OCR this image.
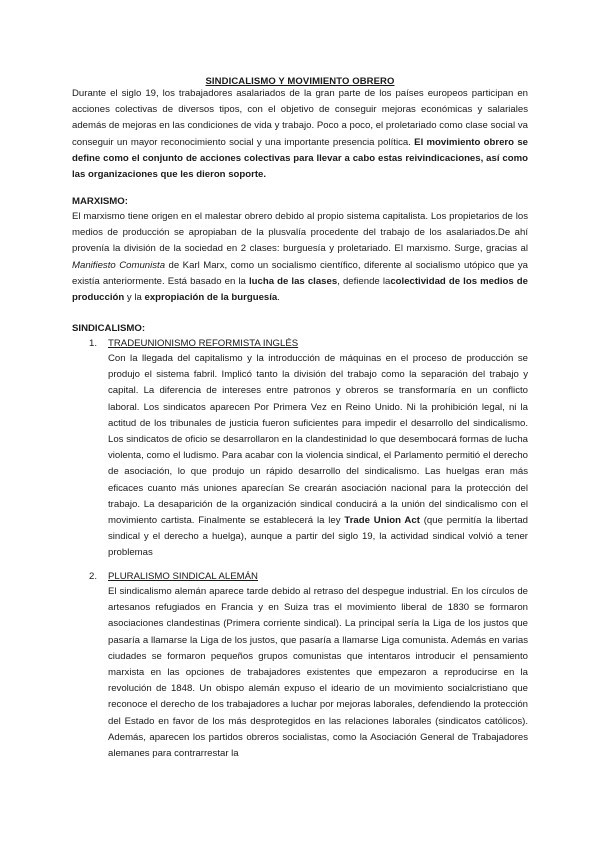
SINDICALISMO Y MOVIMIENTO OBRERO

Durante el siglo 19, los trabajadores asalariados de la gran parte de los países europeos participan en acciones colectivas de diversos tipos, con el objetivo de conseguir mejoras económicas y salariales además de mejoras en las condiciones de vida y trabajo. Poco a poco, el proletariado como clase social va conseguir un mayor reconocimiento social y una importante presencia política. El movimiento obrero se define como el conjunto de acciones colectivas para llevar a cabo estas reivindicaciones, así como las organizaciones que les dieron soporte.

MARXISMO:

El marxismo tiene origen en el malestar obrero debido al propio sistema capitalista. Los propietarios de los medios de producción se apropiaban de la plusvalía procedente del trabajo de los asalariados.De ahí provenía la división de la sociedad en 2 clases: burguesía y proletariado. El marxismo. Surge, gracias al Manifiesto Comunista de Karl Marx, como un socialismo científico, diferente al socialismo utópico que ya existía anteriormente. Está basado en la lucha de las clases, defiende lacolectividad de los medios de producción y la expropiación de la burguesía.

SINDICALISMO:
1. TRADEUNIONISMO REFORMISTA INGLÉS

Con la llegada del capitalismo y la introducción de máquinas en el proceso de producción se produjo el sistema fabril. Implicó tanto la división del trabajo como la separación del trabajo y capital. La diferencia de intereses entre patronos y obreros se transformaría en un conflicto laboral. Los sindicatos aparecen Por Primera Vez en Reino Unido. Ni la prohibición legal, ni la actitud de los tribunales de justicia fueron suficientes para impedir el desarrollo del sindicalismo. Los sindicatos de oficio se desarrollaron en la clandestinidad lo que desembocará formas de lucha violenta, como el ludismo. Para acabar con la violencia sindical, el Parlamento permitió el derecho de asociación, lo que produjo un rápido desarrollo del sindicalismo. Las huelgas eran más eficaces cuanto más uniones aparecían Se crearán asociación nacional para la protección del trabajo. La desaparición de la organización sindical conducirá a la unión del sindicalismo con el movimiento cartista. Finalmente se establecerá la ley Trade Union Act (que permitía la libertad sindical y el derecho a huelga), aunque a partir del siglo 19, la actividad sindical volvió a tener problemas

2. PLURALISMO SINDICAL ALEMÁN

El sindicalismo alemán aparece tarde debido al retraso del despegue industrial. En los círculos de artesanos refugiados en Francia y en Suiza tras el movimiento liberal de 1830 se formaron asociaciones clandestinas (Primera corriente sindical). La principal sería la Liga de los justos que pasaría a llamarse la Liga de los justos, que pasaría a llamarse Liga comunista. Además en varias ciudades se formaron pequeños grupos comunistas que intentaros introducir el pensamiento marxista en las opciones de trabajadores existentes que empezaron a reproducirse en la revolución de 1848. Un obispo alemán expuso el ideario de un movimiento socialcristiano que reconoce el derecho de los trabajadores a luchar por mejoras laborales, defendiendo la protección del Estado en favor de los más desprotegidos en las relaciones laborales (sindicatos católicos). Además, aparecen los partidos obreros socialistas, como la Asociación General de Trabajadores alemanes para contrarrestar la
